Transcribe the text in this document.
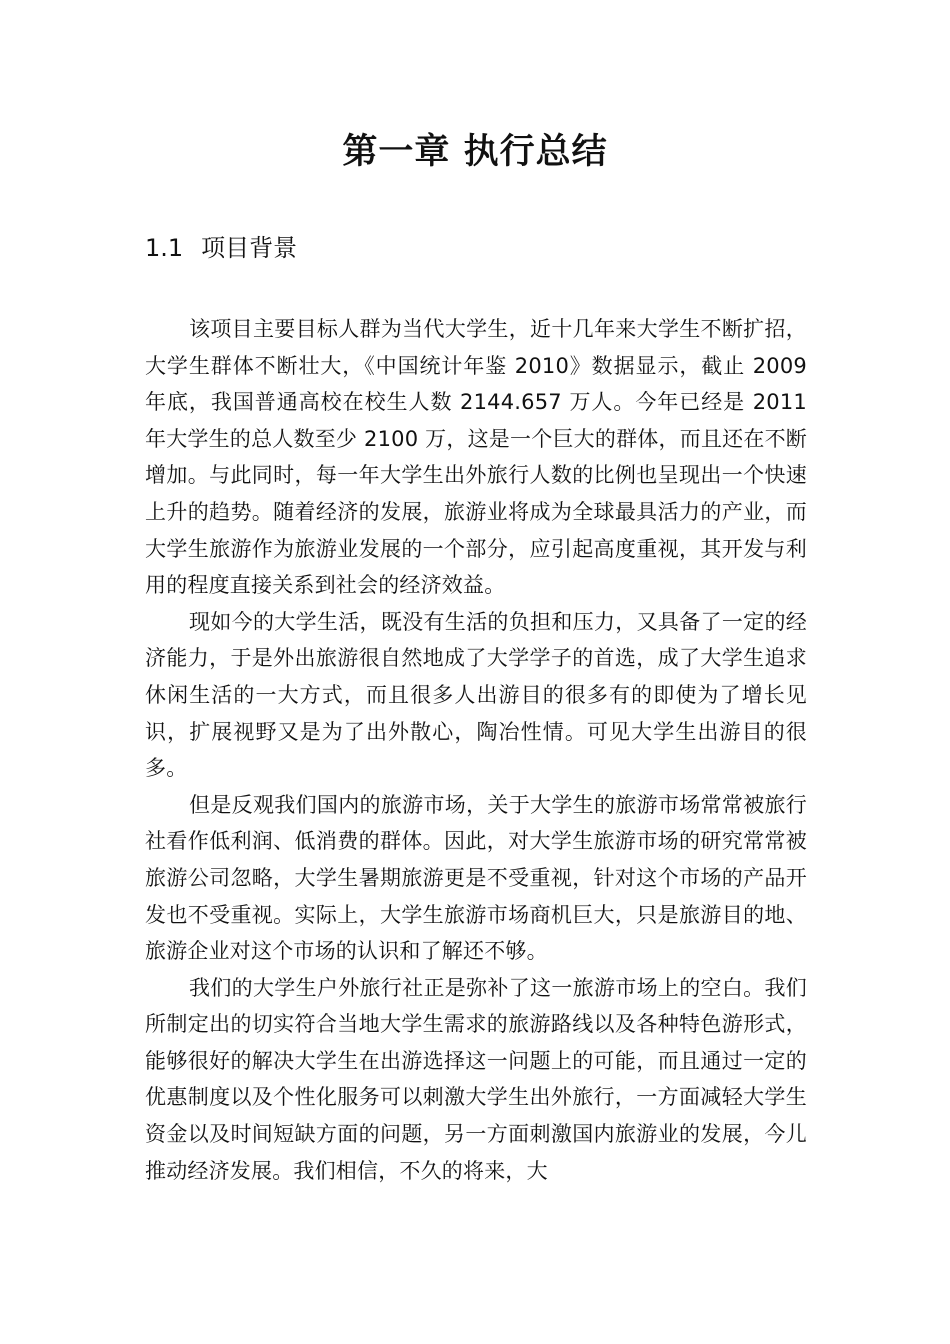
第一章 执行总结
1.1 项目背景

该项目主要目标人群为当代大学生，近十几年来大学生不断扩招，大学生群体不断壮大，《中国统计年鉴 2010》数据显示，截止 2009 年底，我国普通高校在校生人数 2144.657 万人。今年已经是 2011 年大学生的总人数至少 2100 万，这是一个巨大的群体，而且还在不断增加。与此同时，每一年大学生出外旅行人数的比例也呈现出一个快速上升的趋势。随着经济的发展，旅游业将成为全球最具活力的产业，而大学生旅游作为旅游业发展的一个部分，应引起高度重视，其开发与利用的程度直接关系到社会的经济效益。

现如今的大学生活，既没有生活的负担和压力，又具备了一定的经济能力，于是外出旅游很自然地成了大学学子的首选，成了大学生追求休闲生活的一大方式，而且很多人出游目的很多有的即使为了增长见识，扩展视野又是为了出外散心，陶冶性情。可见大学生出游目的很多。

但是反观我们国内的旅游市场，关于大学生的旅游市场常常被旅行社看作低利润、低消费的群体。因此，对大学生旅游市场的研究常常被旅游公司忽略，大学生暑期旅游更是不受重视，针对这个市场的产品开发也不受重视。实际上，大学生旅游市场商机巨大，只是旅游目的地、旅游企业对这个市场的认识和了解还不够。

我们的大学生户外旅行社正是弥补了这一旅游市场上的空白。我们所制定出的切实符合当地大学生需求的旅游路线以及各种特色游形式，能够很好的解决大学生在出游选择这一问题上的可能，而且通过一定的优惠制度以及个性化服务可以刺激大学生出外旅行，一方面减轻大学生资金以及时间短缺方面的问题，另一方面刺激国内旅游业的发展，今儿推动经济发展。我们相信，不久的将来，大
